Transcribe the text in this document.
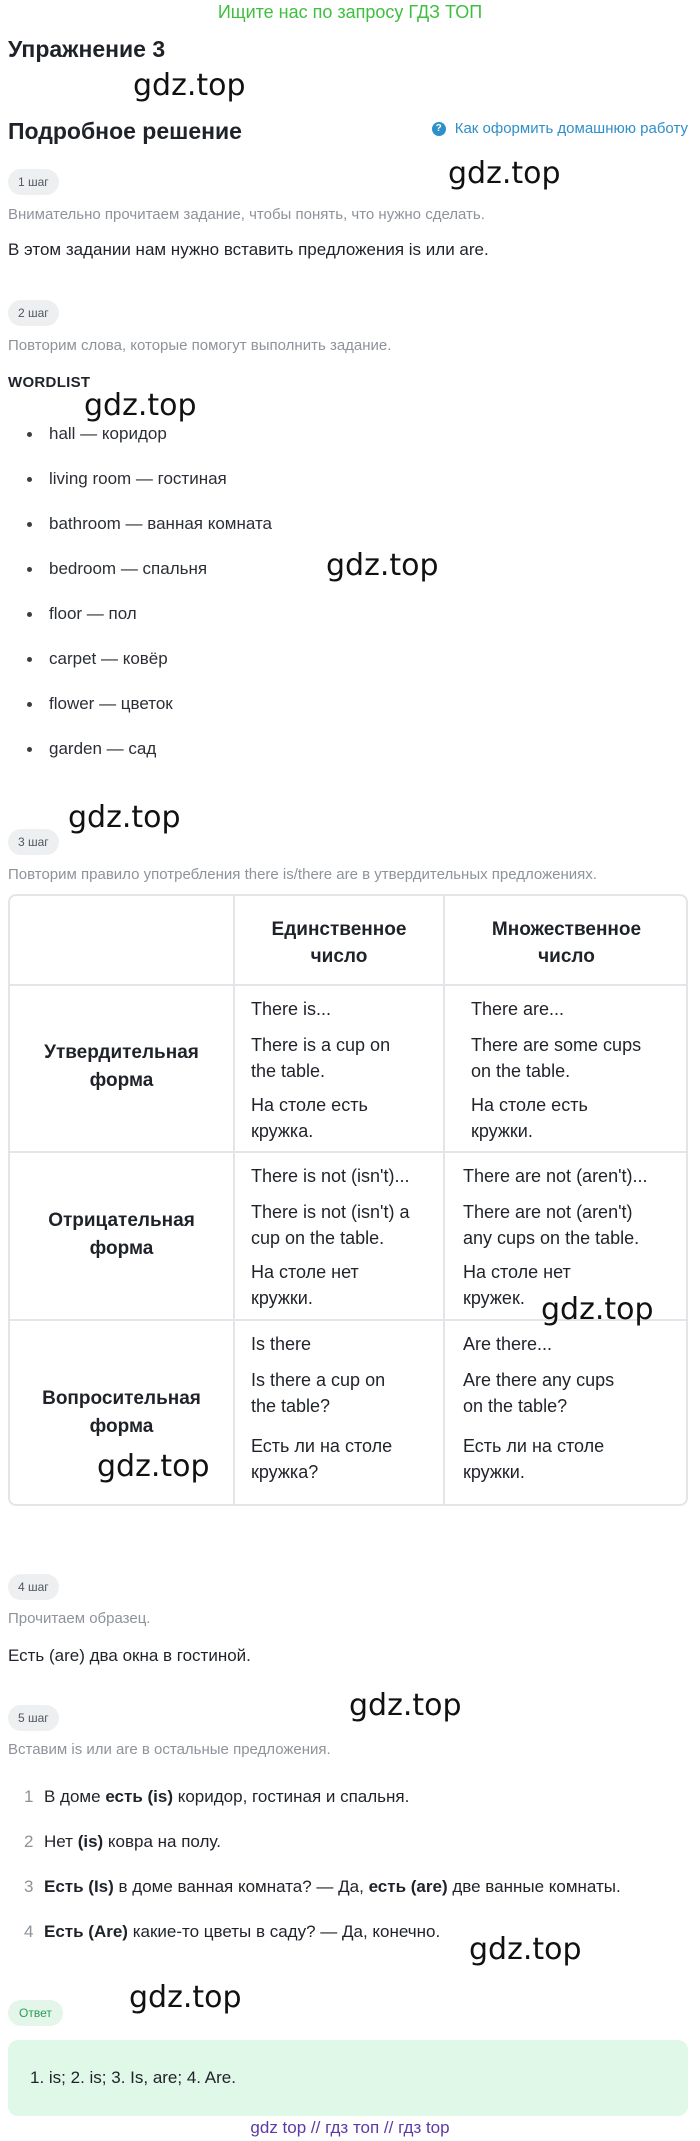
Ищите нас по запросу ГДЗ ТОП
Упражнение 3
gdz.top
Подробное решение	? Как оформить домашнюю работу
gdz.top
1 шаг
Внимательно прочитаем задание, чтобы понять, что нужно сделать.
В этом задании нам нужно вставить предложения is или are.
2 шаг
Повторим слова, которые помогут выполнить задание.
WORDLIST
gdz.top
hall — коридор
living room — гостиная
bathroom — ванная комната
bedroom — спальня
floor — пол
carpet — ковёр
flower — цветок
garden — сад
gdz.top
gdz.top
3 шаг
Повторим правило употребления there is/there are в утвердительных предложениях.
Единственное
число
Множественное
число
Утвердительная
форма
There is...
There is a cup on
the table.
На столе есть
кружка.
There are...
There are some cups
on the table.
На столе есть
кружки.
Отрицательная
форма
There is not (isn't)...
There is not (isn't) a
cup on the table.
На столе нет
кружки.
There are not (aren't)...
There are not (aren't)
any cups on the table.
На столе нет
кружек.
Вопросительная
форма
Is there
Is there a cup on
the table?
Есть ли на столе
кружка?
Are there...
Are there any cups
on the table?
Есть ли на столе
кружки.
gdz.top
gdz.top
4 шаг
Прочитаем образец.
Есть (are) два окна в гостиной.
gdz.top
5 шаг
Вставим is или are в остальные предложения.
1 В доме есть (is) коридор, гостиная и спальня.
2 Нет (is) ковра на полу.
3 Есть (Is) в доме ванная комната? — Да, есть (are) две ванные комнаты.
4 Есть (Are) какие-то цветы в саду? — Да, конечно.
gdz.top
gdz.top
Ответ
1. is; 2. is; 3. Is, are; 4. Are.
gdz top // гдз топ // гдз top
